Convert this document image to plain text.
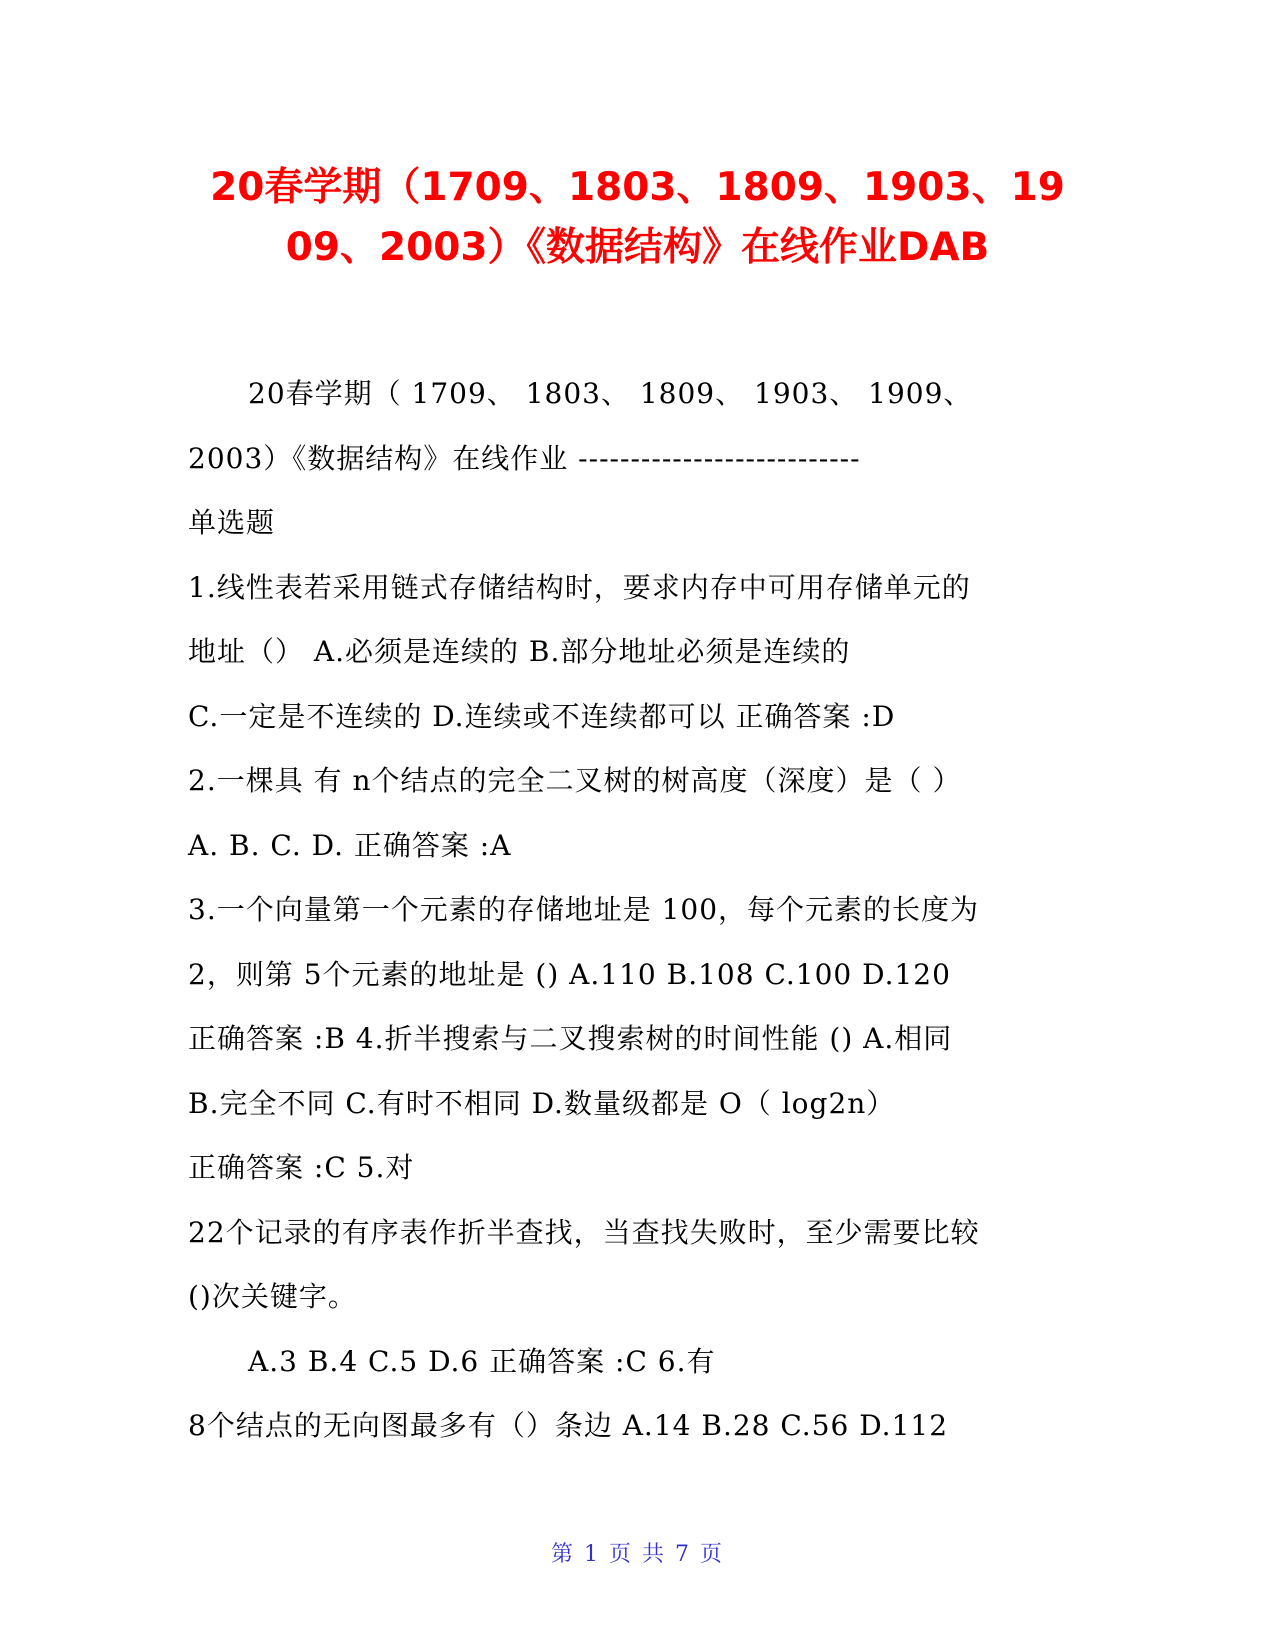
20春学期（1709、1803、1809、1903、19
09、2003）《数据结构》在线作业DAB
20春学期（ 1709、 1803、 1809、 1903、 1909、
2003）《数据结构》在线作业 ---------------------------
单选题
1.线性表若采用链式存储结构时，要求内存中可用存储单元的
地址（） A.必须是连续的 B.部分地址必须是连续的
C.一定是不连续的 D.连续或不连续都可以 正确答案 :D
2.一棵具 有 n个结点的完全二叉树的树高度（深度）是（ ）
A. B. C. D. 正确答案 :A
3.一个向量第一个元素的存储地址是 100，每个元素的长度为
2，则第 5个元素的地址是 () A.110 B.108 C.100 D.120
正确答案 :B 4.折半搜索与二叉搜索树的时间性能 () A.相同
B.完全不同 C.有时不相同 D.数量级都是 O（ log2n）
正确答案 :C 5.对
22个记录的有序表作折半查找，当查找失败时，至少需要比较
()次关键字。
A.3 B.4 C.5 D.6 正确答案 :C 6.有
8个结点的无向图最多有（）条边 A.14 B.28 C.56 D.112
第 1 页 共 7 页
